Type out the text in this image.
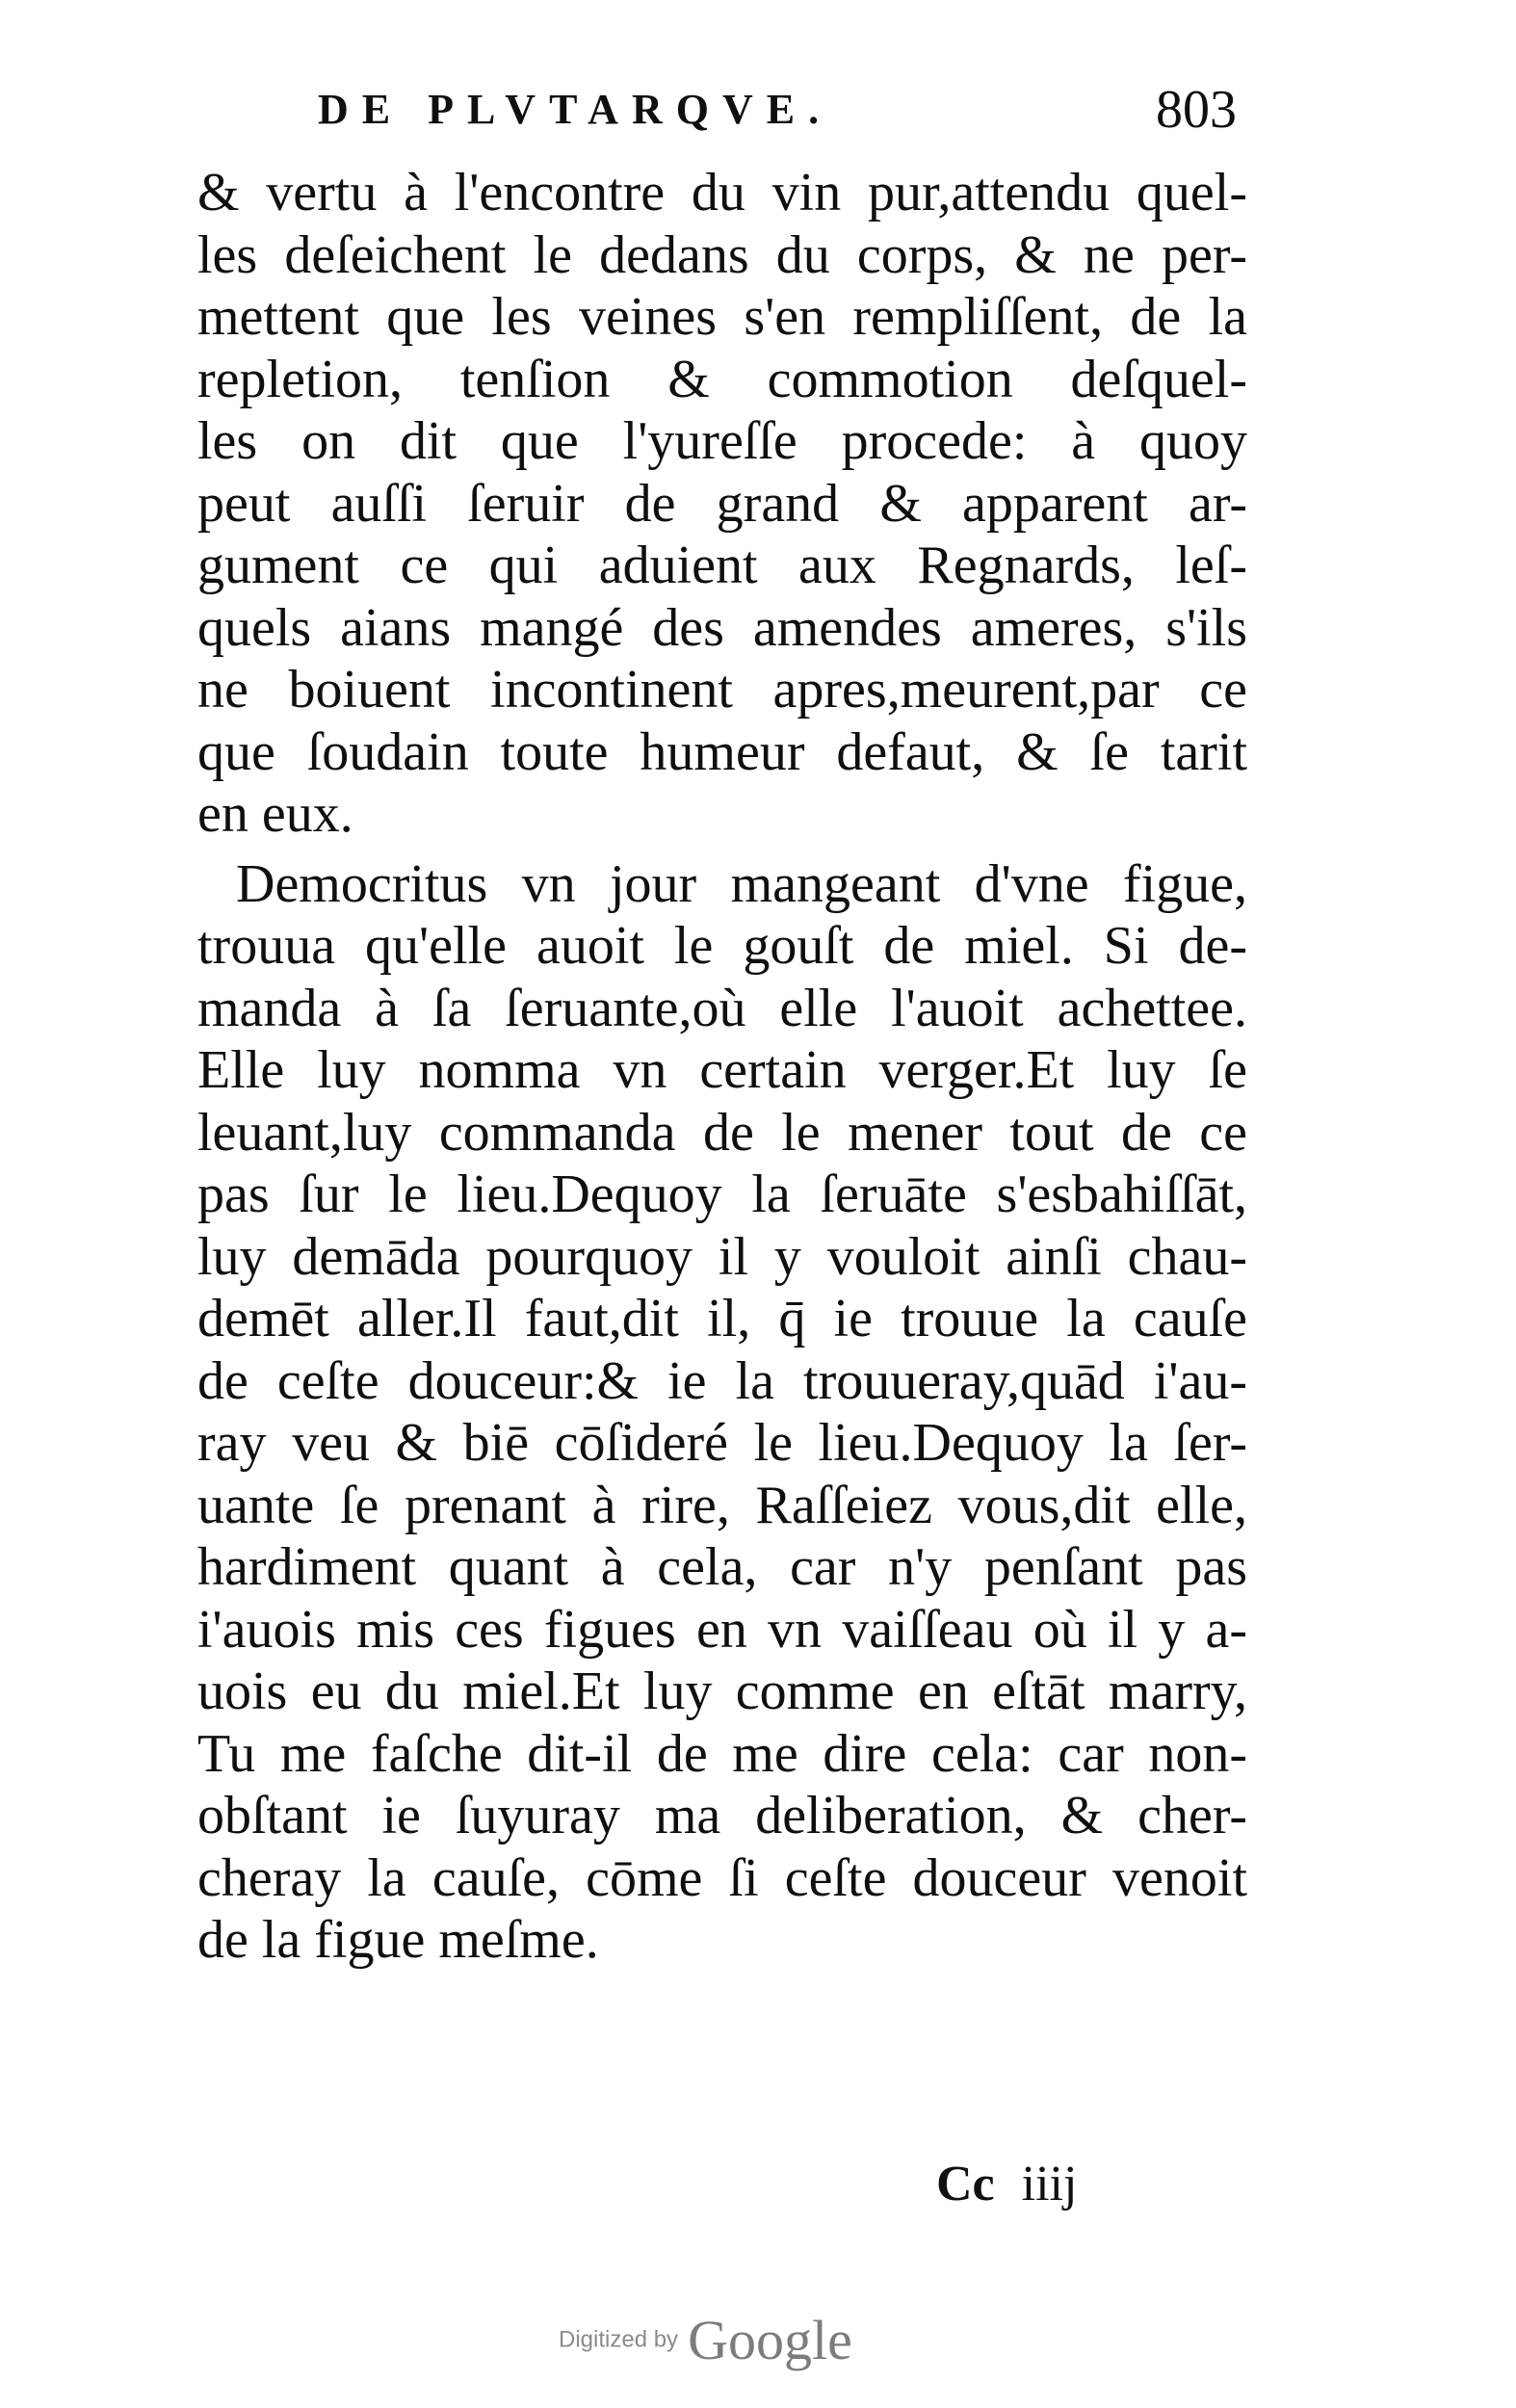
DE PLVTARQVE.	803
& vertu à l'encontre du vin pur,attendu quel-
les deſeichent le dedans du corps, & ne per-
mettent que les veines s'en rempliſſent, de la
repletion, tenſion & commotion deſquel-
les on dit que l'yureſſe procede: à quoy
peut auſſi ſeruir de grand & apparent ar-
gument ce qui aduient aux Regnards, leſ-
quels aians mangé des amendes ameres, s'ils
ne boiuent incontinent apres,meurent,par ce
que ſoudain toute humeur defaut, & ſe tarit
en eux.
Democritus vn jour mangeant d'vne figue,
trouua qu'elle auoit le gouſt de miel. Si de-
manda à ſa ſeruante,où elle l'auoit achettee.
Elle luy nomma vn certain verger.Et luy ſe
leuant,luy commanda de le mener tout de ce
pas ſur le lieu.Dequoy la ſeruāte s'esbahiſſāt,
luy demāda pourquoy il y vouloit ainſi chau-
demēt aller.Il faut,dit il, q̄ ie trouue la cauſe
de ceſte douceur:& ie la trouueray,quād i'au-
ray veu & biē cōſideré le lieu.Dequoy la ſer-
uante ſe prenant à rire, Raſſeiez vous,dit elle,
hardiment quant à cela, car n'y penſant pas
i'auois mis ces figues en vn vaiſſeau où il y a-
uois eu du miel.Et luy comme en eſtāt marry,
Tu me faſche dit-il de me dire cela: car non-
obſtant ie ſuyuray ma deliberation, & cher-
cheray la cauſe, cōme ſi ceſte douceur venoit
de la figue meſme.
Cc iiij
Digitized by Google
